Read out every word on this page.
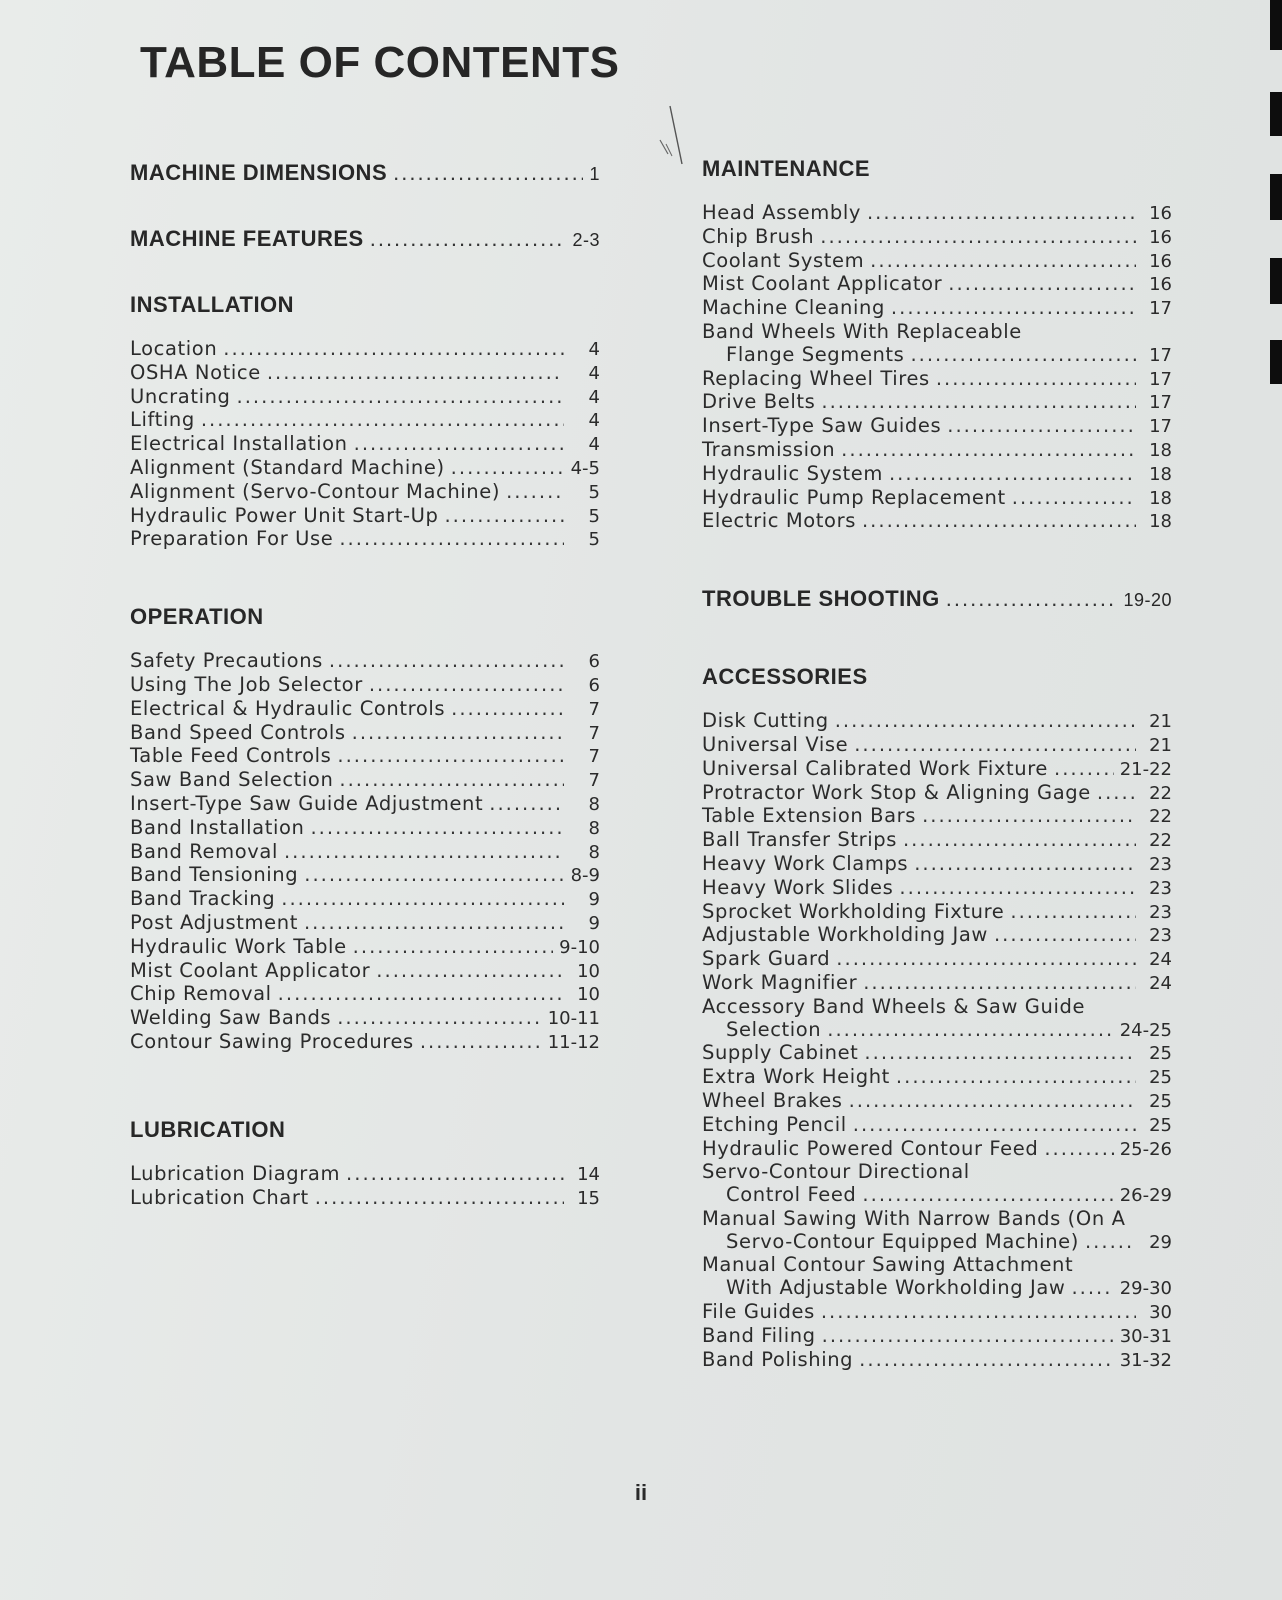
TABLE OF CONTENTS
MACHINE DIMENSIONS .....	1
MACHINE FEATURES .....	2-3
INSTALLATION
Location .....	4
OSHA Notice .....	4
Uncrating .....	4
Lifting .....	4
Electrical Installation .....	4
Alignment (Standard Machine) .....	4-5
Alignment (Servo-Contour Machine) .....	5
Hydraulic Power Unit Start-Up .....	5
Preparation For Use .....	5
OPERATION
Safety Precautions .....	6
Using The Job Selector .....	6
Electrical & Hydraulic Controls .....	7
Band Speed Controls .....	7
Table Feed Controls .....	7
Saw Band Selection .....	7
Insert-Type Saw Guide Adjustment .....	8
Band Installation .....	8
Band Removal .....	8
Band Tensioning .....	8-9
Band Tracking .....	9
Post Adjustment .....	9
Hydraulic Work Table .....	9-10
Mist Coolant Applicator .....	10
Chip Removal .....	10
Welding Saw Bands .....	10-11
Contour Sawing Procedures .....	11-12
LUBRICATION
Lubrication Diagram .....	14
Lubrication Chart .....	15
MAINTENANCE
Head Assembly .....	16
Chip Brush .....	16
Coolant System .....	16
Mist Coolant Applicator .....	16
Machine Cleaning .....	17
Band Wheels With Replaceable
Flange Segments .....	17
Replacing Wheel Tires .....	17
Drive Belts .....	17
Insert-Type Saw Guides .....	17
Transmission .....	18
Hydraulic System .....	18
Hydraulic Pump Replacement .....	18
Electric Motors .....	18
TROUBLE SHOOTING .....	19-20
ACCESSORIES
Disk Cutting .....	21
Universal Vise .....	21
Universal Calibrated Work Fixture .....	21-22
Protractor Work Stop & Aligning Gage .....	22
Table Extension Bars .....	22
Ball Transfer Strips .....	22
Heavy Work Clamps .....	23
Heavy Work Slides .....	23
Sprocket Workholding Fixture .....	23
Adjustable Workholding Jaw .....	23
Spark Guard .....	24
Work Magnifier .....	24
Accessory Band Wheels & Saw Guide
Selection .....	24-25
Supply Cabinet .....	25
Extra Work Height .....	25
Wheel Brakes .....	25
Etching Pencil .....	25
Hydraulic Powered Contour Feed .....	25-26
Servo-Contour Directional
Control Feed .....	26-29
Manual Sawing With Narrow Bands (On A
Servo-Contour Equipped Machine) .....	29
Manual Contour Sawing Attachment
With Adjustable Workholding Jaw .....	29-30
File Guides .....	30
Band Filing .....	30-31
Band Polishing .....	31-32
ii
